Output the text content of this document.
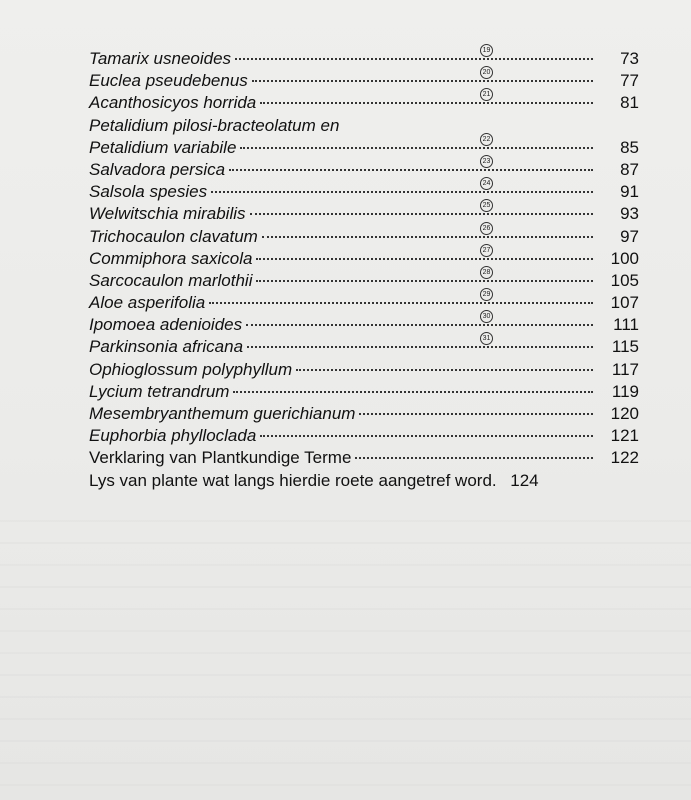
Tamarix usneoides	73
19
Euclea pseudebenus	77
20
Acanthosicyos horrida	81
21
Petalidium pilosi-bracteolatum en
Petalidium variabile	85
22
Salvadora persica	87
23
Salsola spesies	91
24
Welwitschia mirabilis	93
25
Trichocaulon clavatum	97
26
Commiphora saxicola	100
27
Sarcocaulon marlothii	105
28
Aloe asperifolia	107
29
Ipomoea adenioides	111
30
Parkinsonia africana	115
31
Ophioglossum polyphyllum	117
Lycium tetrandrum	119
Mesembryanthemum guerichianum	120
Euphorbia phylloclada	121
Verklaring van Plantkundige Terme	122
Lys van plante wat langs hierdie roete aangetref word. 124
